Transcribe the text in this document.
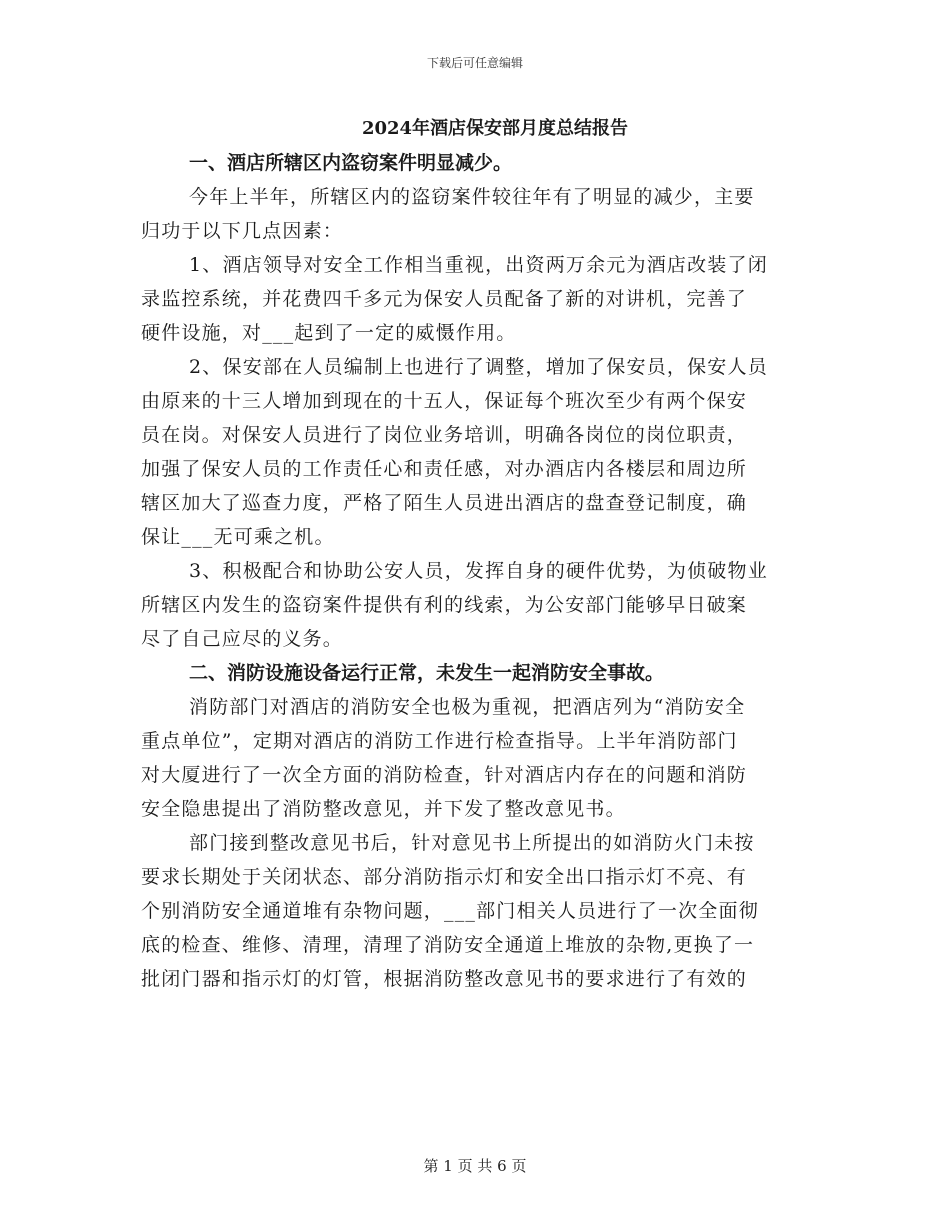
下载后可任意编辑
2024年酒店保安部月度总结报告
一、酒店所辖区内盗窃案件明显减少。
今年上半年，所辖区内的盗窃案件较往年有了明显的减少，主要
归功于以下几点因素：
1、酒店领导对安全工作相当重视，出资两万余元为酒店改装了闭
录监控系统，并花费四千多元为保安人员配备了新的对讲机，完善了
硬件设施，对___起到了一定的威慑作用。
2、保安部在人员编制上也进行了调整，增加了保安员，保安人员
由原来的十三人增加到现在的十五人，保证每个班次至少有两个保安
员在岗。对保安人员进行了岗位业务培训，明确各岗位的岗位职责，
加强了保安人员的工作责任心和责任感，对办酒店内各楼层和周边所
辖区加大了巡查力度，严格了陌生人员进出酒店的盘查登记制度，确
保让___无可乘之机。
3、积极配合和协助公安人员，发挥自身的硬件优势，为侦破物业
所辖区内发生的盗窃案件提供有利的线索，为公安部门能够早日破案
尽了自己应尽的义务。
二、消防设施设备运行正常，未发生一起消防安全事故。
消防部门对酒店的消防安全也极为重视，把酒店列为“消防安全
重点单位”，定期对酒店的消防工作进行检查指导。上半年消防部门
对大厦进行了一次全方面的消防检查，针对酒店内存在的问题和消防
安全隐患提出了消防整改意见，并下发了整改意见书。
部门接到整改意见书后，针对意见书上所提出的如消防火门未按
要求长期处于关闭状态、部分消防指示灯和安全出口指示灯不亮、有
个别消防安全通道堆有杂物问题，___部门相关人员进行了一次全面彻
底的检查、维修、清理，清理了消防安全通道上堆放的杂物,更换了一
批闭门器和指示灯的灯管，根据消防整改意见书的要求进行了有效的
第 1 页 共 6 页
